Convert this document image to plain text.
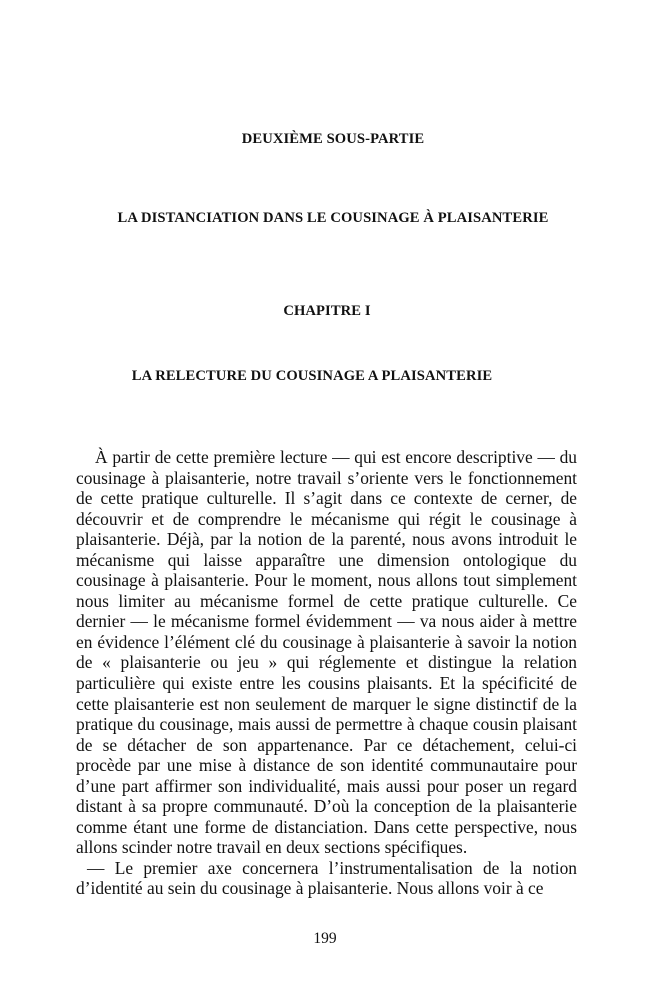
DEUXIÈME SOUS-PARTIE
LA DISTANCIATION DANS LE COUSINAGE À PLAISANTERIE
CHAPITRE I
LA RELECTURE DU COUSINAGE A PLAISANTERIE

À partir de cette première lecture — qui est encore descriptive — du cousinage à plaisanterie, notre travail s’oriente vers le fonctionnement de cette pratique culturelle. Il s’agit dans ce contexte de cerner, de découvrir et de comprendre le mécanisme qui régit le cousinage à plaisanterie. Déjà, par la notion de la parenté, nous avons introduit le mécanisme qui laisse apparaître une dimension ontologique du cousinage à plaisanterie. Pour le moment, nous allons tout simplement nous limiter au mécanisme formel de cette pratique culturelle. Ce dernier — le mécanisme formel évidemment — va nous aider à mettre en évidence l’élément clé du cousinage à plaisanterie à savoir la notion de « plaisanterie ou jeu » qui réglemente et distingue la relation particulière qui existe entre les cousins plaisants. Et la spécificité de cette plaisanterie est non seulement de marquer le signe distinctif de la pratique du cousinage, mais aussi de permettre à chaque cousin plaisant de se détacher de son appartenance. Par ce détachement, celui-ci procède par une mise à distance de son identité communautaire pour d’une part affirmer son individualité, mais aussi pour poser un regard distant à sa propre communauté. D’où la conception de la plaisanterie comme étant une forme de distanciation. Dans cette perspective, nous allons scinder notre travail en deux sections spécifiques.

— Le premier axe concernera l’instrumentalisation de la notion d’identité au sein du cousinage à plaisanterie. Nous allons voir à ce

199
